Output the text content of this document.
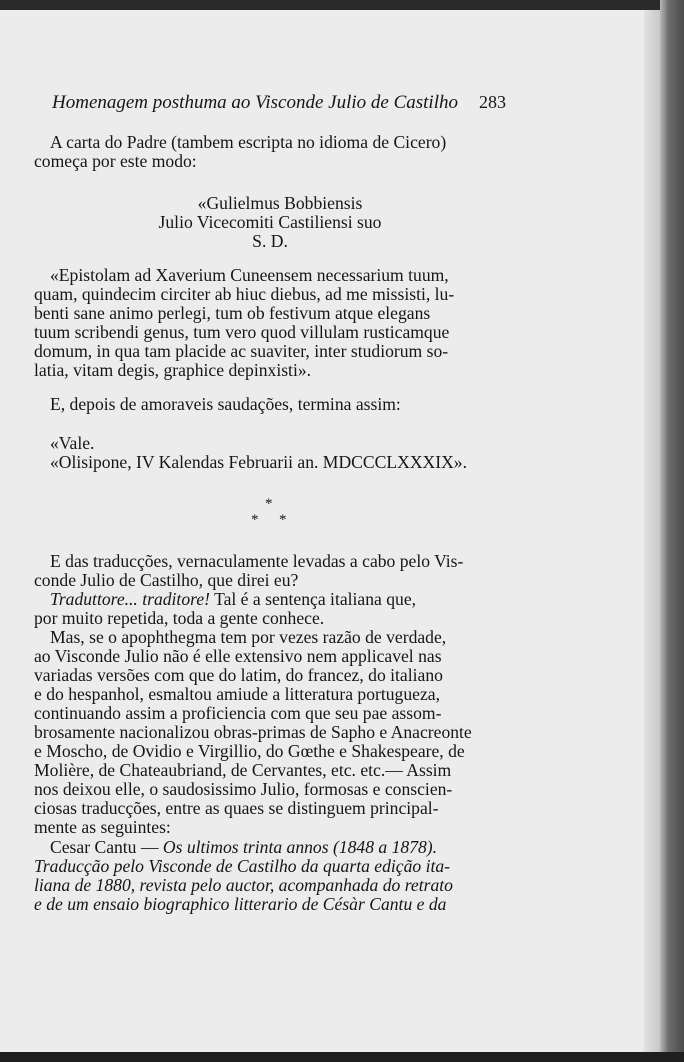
Homenagem posthuma ao Visconde Julio de Castilho 283

A carta do Padre (tambem escripta no idioma de Cicero)

começa por este modo:

«Gulielmus Bobbiensis

Julio Vicecomiti Castiliensi suo

S. D.

«Epistolam ad Xaverium Cuneensem necessarium tuum,

quam, quindecim circiter ab hiuc diebus, ad me missisti, lu-

benti sane animo perlegi, tum ob festivum atque elegans

tuum scribendi genus, tum vero quod villulam rusticamque

domum, in qua tam placide ac suaviter, inter studiorum so-

latia, vitam degis, graphice depinxisti».

E, depois de amoraveis saudações, termina assim:

«Vale.

«Olisipone, IV Kalendas Februarii an. MDCCCLXXXIX».

*
* *

E das traducções, vernaculamente levadas a cabo pelo Vis-

conde Julio de Castilho, que direi eu?

Traduttore... traditore! Tal é a sentença italiana que,

por muito repetida, toda a gente conhece.

Mas, se o apophthegma tem por vezes razão de verdade,

ao Visconde Julio não é elle extensivo nem applicavel nas

variadas versões com que do latim, do francez, do italiano

e do hespanhol, esmaltou amiude a litteratura portugueza,

continuando assim a proficiencia com que seu pae assom-

brosamente nacionalizou obras-primas de Sapho e Anacreonte

e Moscho, de Ovidio e Virgillio, do Gœthe e Shakespeare, de

Molière, de Chateaubriand, de Cervantes, etc. etc.— Assim

nos deixou elle, o saudosissimo Julio, formosas e conscien-

ciosas traducções, entre as quaes se distinguem principal-

mente as seguintes:

Cesar Cantu — Os ultimos trinta annos (1848 a 1878).

Traducção pelo Visconde de Castilho da quarta edição ita-

liana de 1880, revista pelo auctor, acompanhada do retrato

e de um ensaio biographico litterario de Césàr Cantu e da
